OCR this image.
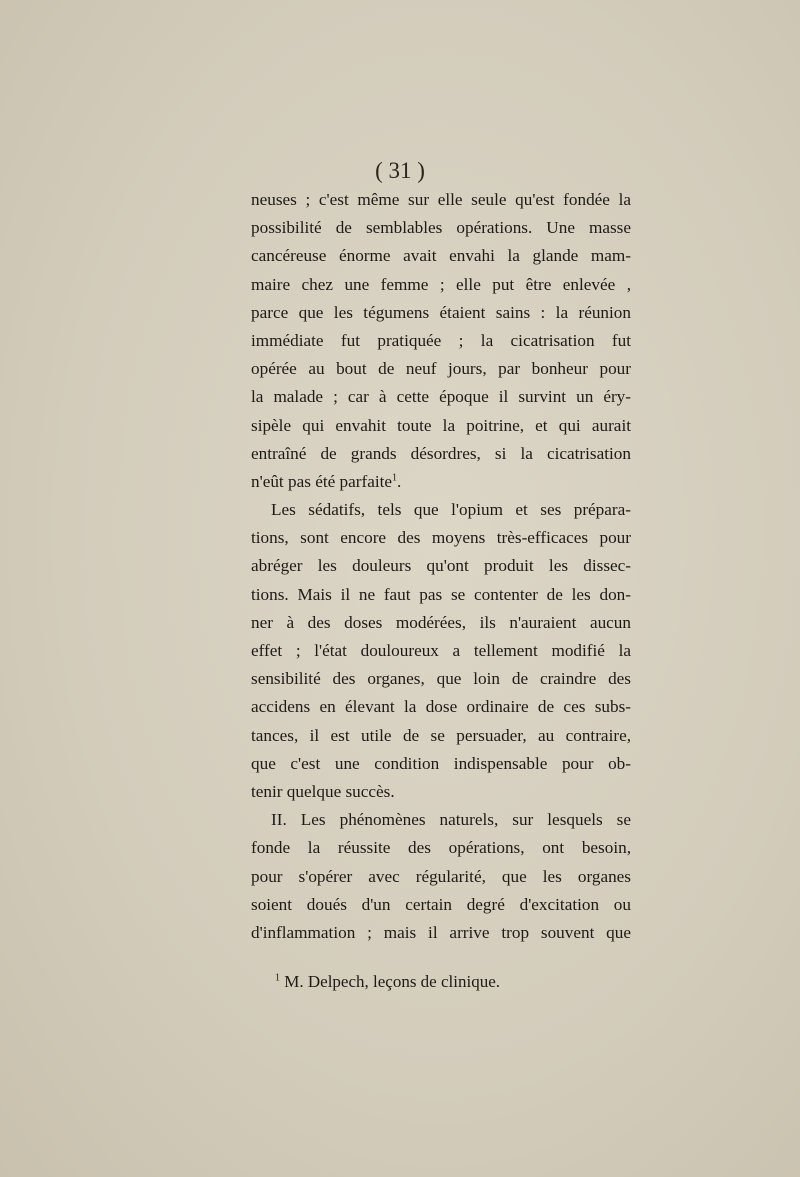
( 31 )
neuses ; c'est même sur elle seule qu'est fondée la
possibilité de semblables opérations. Une masse
cancéreuse énorme avait envahi la glande mam-
maire chez une femme ; elle put être enlevée ,
parce que les tégumens étaient sains : la réunion
immédiate fut pratiquée ; la cicatrisation fut
opérée au bout de neuf jours, par bonheur pour
la malade ; car à cette époque il survint un éry-
sipèle qui envahit toute la poitrine, et qui aurait
entraîné de grands désordres, si la cicatrisation
n'eût pas été parfaite$^1$.
Les sédatifs, tels que l'opium et ses prépara-
tions, sont encore des moyens très-efficaces pour
abréger les douleurs qu'ont produit les dissec-
tions. Mais il ne faut pas se contenter de les don-
ner à des doses modérées, ils n'auraient aucun
effet ; l'état douloureux a tellement modifié la
sensibilité des organes, que loin de craindre des
accidens en élevant la dose ordinaire de ces subs-
tances, il est utile de se persuader, au contraire,
que c'est une condition indispensable pour ob-
tenir quelque succès.
II. Les phénomènes naturels, sur lesquels se
fonde la réussite des opérations, ont besoin,
pour s'opérer avec régularité, que les organes
soient doués d'un certain degré d'excitation ou
d'inflammation ; mais il arrive trop souvent que
$^1$ M. Delpech, leçons de clinique.
